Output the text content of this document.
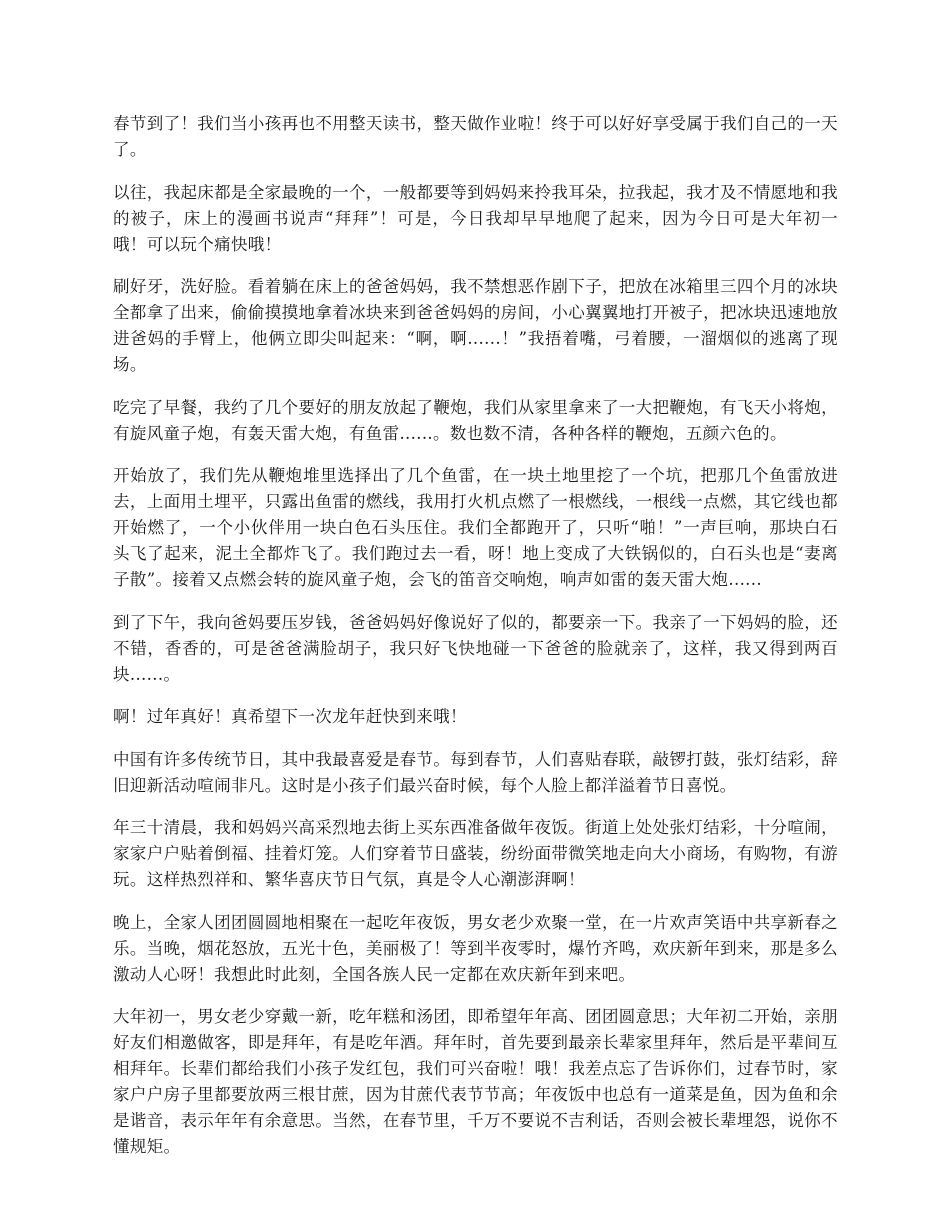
春节到了！我们当小孩再也不用整天读书，整天做作业啦！终于可以好好享受属于我们自己的一天了。

以往，我起床都是全家最晚的一个，一般都要等到妈妈来拎我耳朵，拉我起，我才及不情愿地和我的被子，床上的漫画书说声“拜拜”！可是，今日我却早早地爬了起来，因为今日可是大年初一哦！可以玩个痛快哦！

刷好牙，洗好脸。看着躺在床上的爸爸妈妈，我不禁想恶作剧下子，把放在冰箱里三四个月的冰块全都拿了出来，偷偷摸摸地拿着冰块来到爸爸妈妈的房间，小心翼翼地打开被子，把冰块迅速地放进爸妈的手臂上，他俩立即尖叫起来：“啊，啊......！”我捂着嘴，弓着腰，一溜烟似的逃离了现场。

吃完了早餐，我约了几个要好的朋友放起了鞭炮，我们从家里拿来了一大把鞭炮，有飞天小将炮，有旋风童子炮，有轰天雷大炮，有鱼雷......。数也数不清，各种各样的鞭炮，五颜六色的。

开始放了，我们先从鞭炮堆里选择出了几个鱼雷，在一块土地里挖了一个坑，把那几个鱼雷放进去，上面用土埋平，只露出鱼雷的燃线，我用打火机点燃了一根燃线，一根线一点燃，其它线也都开始燃了，一个小伙伴用一块白色石头压住。我们全都跑开了，只听“啪！”一声巨响，那块白石头飞了起来，泥土全都炸飞了。我们跑过去一看，呀！地上变成了大铁锅似的，白石头也是“妻离子散”。接着又点燃会转的旋风童子炮，会飞的笛音交响炮，响声如雷的轰天雷大炮......

到了下午，我向爸妈要压岁钱，爸爸妈妈好像说好了似的，都要亲一下。我亲了一下妈妈的脸，还不错，香香的，可是爸爸满脸胡子，我只好飞快地碰一下爸爸的脸就亲了，这样，我又得到两百块......。

啊！过年真好！真希望下一次龙年赶快到来哦！

中国有许多传统节日，其中我最喜爱是春节。每到春节，人们喜贴春联，敲锣打鼓，张灯结彩，辞旧迎新活动喧闹非凡。这时是小孩子们最兴奋时候，每个人脸上都洋溢着节日喜悦。

年三十清晨，我和妈妈兴高采烈地去街上买东西准备做年夜饭。街道上处处张灯结彩，十分喧闹，家家户户贴着倒福、挂着灯笼。人们穿着节日盛装，纷纷面带微笑地走向大小商场，有购物，有游玩。这样热烈祥和、繁华喜庆节日气氛，真是令人心潮澎湃啊！

晚上，全家人团团圆圆地相聚在一起吃年夜饭，男女老少欢聚一堂，在一片欢声笑语中共享新春之乐。当晚，烟花怒放，五光十色，美丽极了！等到半夜零时，爆竹齐鸣，欢庆新年到来，那是多么激动人心呀！我想此时此刻，全国各族人民一定都在欢庆新年到来吧。

大年初一，男女老少穿戴一新，吃年糕和汤团，即希望年年高、团团圆意思；大年初二开始，亲朋好友们相邀做客，即是拜年，有是吃年酒。拜年时，首先要到最亲长辈家里拜年，然后是平辈间互相拜年。长辈们都给我们小孩子发红包，我们可兴奋啦！哦！我差点忘了告诉你们，过春节时，家家户户房子里都要放两三根甘蔗，因为甘蔗代表节节高；年夜饭中也总有一道菜是鱼，因为鱼和余是谐音，表示年年有余意思。当然，在春节里，千万不要说不吉利话，否则会被长辈埋怨，说你不懂规矩。
